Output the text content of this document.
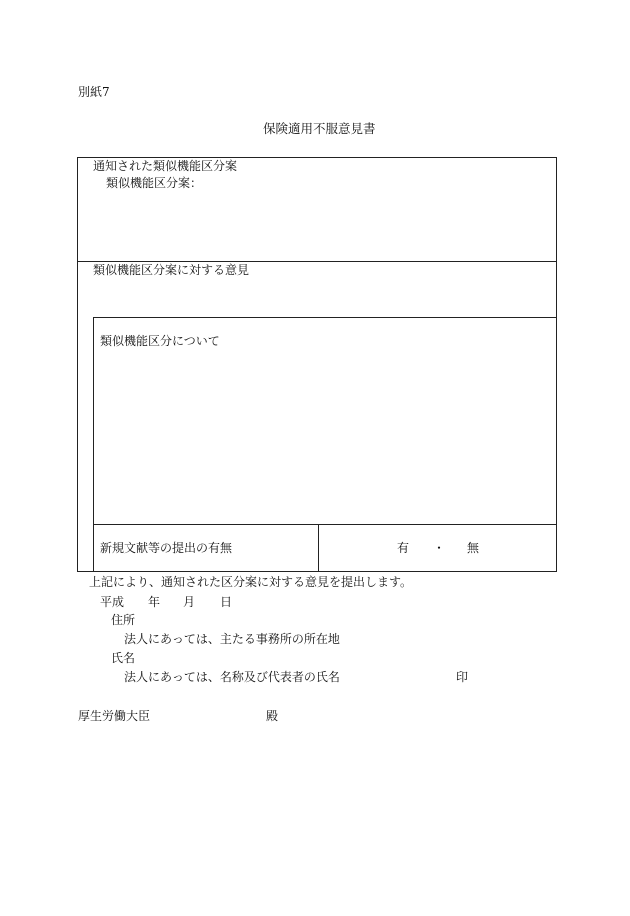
別紙7
保険適用不服意見書
通知された類似機能区分案
類似機能区分案：
類似機能区分案に対する意見
類似機能区分について
新規文献等の提出の有無	有 ・ 無
上記により、通知された区分案に対する意見を提出します。
平成 年 月 日
住所
法人にあっては、主たる事務所の所在地
氏名
法人にあっては、名称及び代表者の氏名	印
厚生労働大臣	殿
